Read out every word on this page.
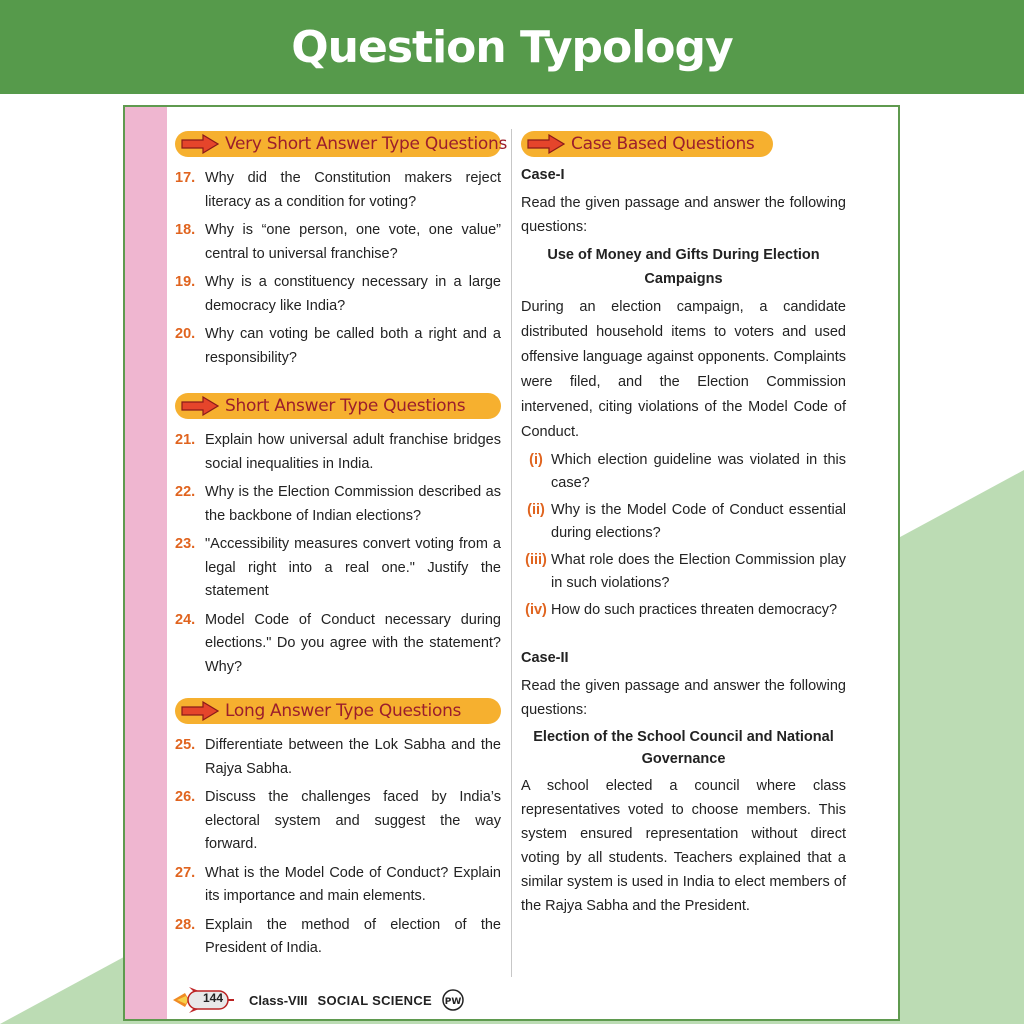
Question Typology
Very Short Answer Type Questions
17. Why did the Constitution makers reject literacy as a condition for voting?
18. Why is “one person, one vote, one value” central to universal franchise?
19. Why is a constituency necessary in a large democracy like India?
20. Why can voting be called both a right and a responsibility?
Short Answer Type Questions
21. Explain how universal adult franchise bridges social inequalities in India.
22. Why is the Election Commission described as the backbone of Indian elections?
23. "Accessibility measures convert voting from a legal right into a real one." Justify the statement
24. Model Code of Conduct necessary during elections." Do you agree with the statement? Why?
Long Answer Type Questions
25. Differentiate between the Lok Sabha and the Rajya Sabha.
26. Discuss the challenges faced by India’s electoral system and suggest the way forward.
27. What is the Model Code of Conduct? Explain its importance and main elements.
28. Explain the method of election of the President of India.
Case Based Questions
Case-I
Read the given passage and answer the following questions:
Use of Money and Gifts During Election Campaigns
During an election campaign, a candidate distributed household items to voters and used offensive language against opponents. Complaints were filed, and the Election Commission intervened, citing violations of the Model Code of Conduct.
(i) Which election guideline was violated in this case?
(ii) Why is the Model Code of Conduct essential during elections?
(iii) What role does the Election Commission play in such violations?
(iv) How do such practices threaten democracy?
Case-II
Read the given passage and answer the following questions:
Election of the School Council and National Governance
A school elected a council where class representatives voted to choose members. This system ensured representation without direct voting by all students. Teachers explained that a similar system is used in India to elect members of the Rajya Sabha and the President.
144 Class-VIII SOCIAL SCIENCE PW
